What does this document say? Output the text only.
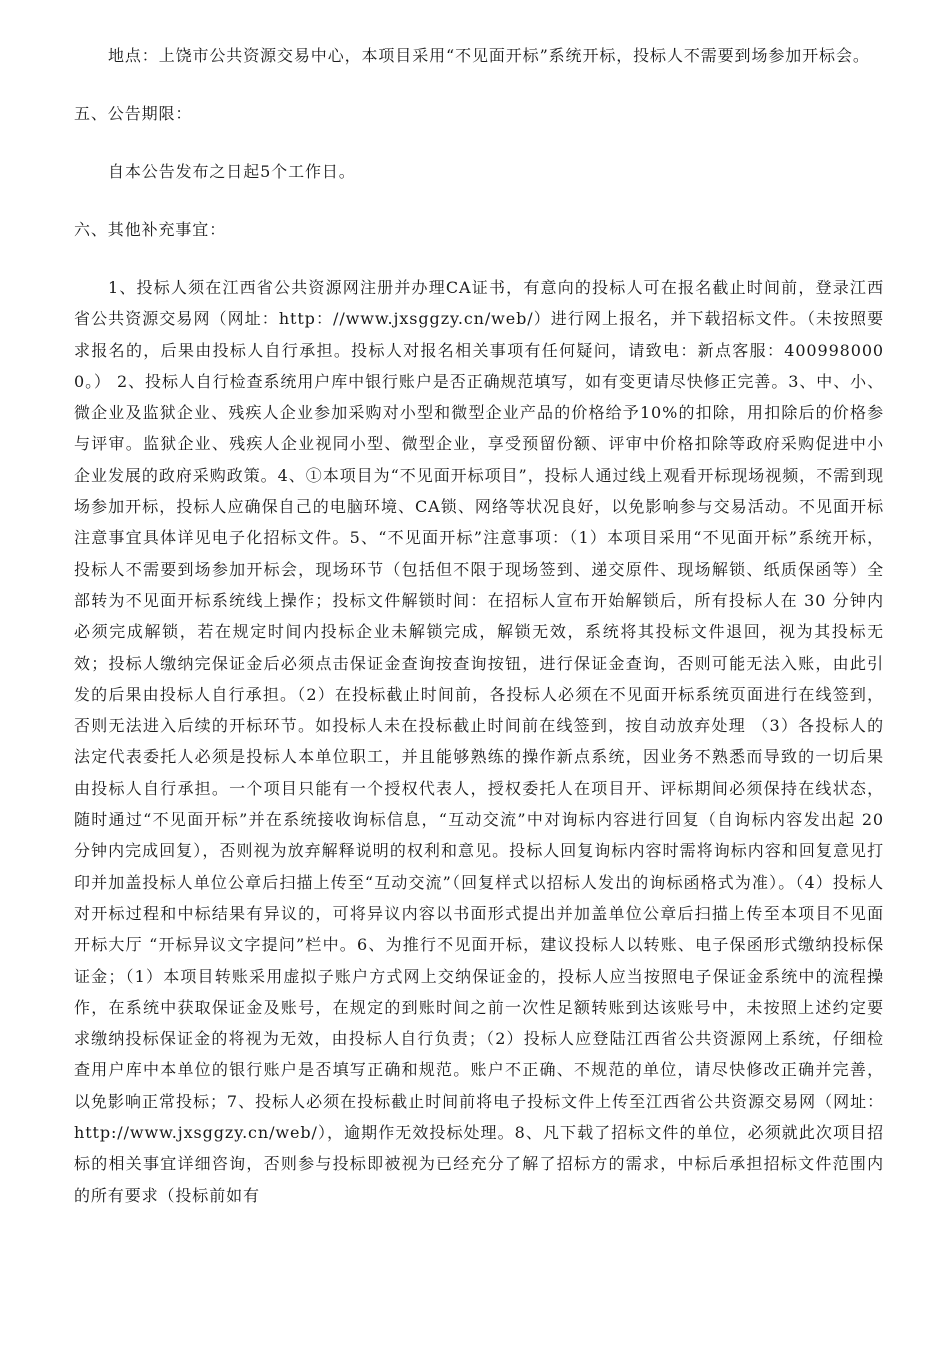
地点：上饶市公共资源交易中心，本项目采用“不见面开标”系统开标，投标人不需要到场参加开标会。

五、公告期限：

自本公告发布之日起5个工作日。

六、其他补充事宜：

1、投标人须在江西省公共资源网注册并办理CA证书，有意向的投标人可在报名截止时间前，登录江西省公共资源交易网（网址：http：//www.jxsggzy.cn/web/）进行网上报名，并下载招标文件。（未按照要求报名的，后果由投标人自行承担。投标人对报名相关事项有任何疑问，请致电：新点客服：4009980000。） 2、投标人自行检查系统用户库中银行账户是否正确规范填写，如有变更请尽快修正完善。3、中、小、微企业及监狱企业、残疾人企业参加采购对小型和微型企业产品的价格给予10%的扣除，用扣除后的价格参与评审。监狱企业、残疾人企业视同小型、微型企业，享受预留份额、评审中价格扣除等政府采购促进中小企业发展的政府采购政策。4、①本项目为“不见面开标项目”，投标人通过线上观看开标现场视频，不需到现场参加开标，投标人应确保自己的电脑环境、CA锁、网络等状况良好，以免影响参与交易活动。不见面开标注意事宜具体详见电子化招标文件。5、“不见面开标”注意事项：（1）本项目采用“不见面开标”系统开标，投标人不需要到场参加开标会，现场环节（包括但不限于现场签到、递交原件、现场解锁、纸质保函等）全部转为不见面开标系统线上操作；投标文件解锁时间：在招标人宣布开始解锁后，所有投标人在 30 分钟内必须完成解锁，若在规定时间内投标企业未解锁完成，解锁无效，系统将其投标文件退回，视为其投标无效；投标人缴纳完保证金后必须点击保证金查询按查询按钮，进行保证金查询，否则可能无法入账，由此引发的后果由投标人自行承担。（2）在投标截止时间前，各投标人必须在不见面开标系统页面进行在线签到，否则无法进入后续的开标环节。如投标人未在投标截止时间前在线签到，按自动放弃处理 （3）各投标人的法定代表委托人必须是投标人本单位职工，并且能够熟练的操作新点系统，因业务不熟悉而导致的一切后果由投标人自行承担。一个项目只能有一个授权代表人，授权委托人在项目开、评标期间必须保持在线状态，随时通过“不见面开标”并在系统接收询标信息，“互动交流”中对询标内容进行回复（自询标内容发出起 20 分钟内完成回复），否则视为放弃解释说明的权利和意见。投标人回复询标内容时需将询标内容和回复意见打印并加盖投标人单位公章后扫描上传至“互动交流”（回复样式以招标人发出的询标函格式为准）。（4）投标人对开标过程和中标结果有异议的，可将异议内容以书面形式提出并加盖单位公章后扫描上传至本项目不见面开标大厅 “开标异议文字提问”栏中。6、为推行不见面开标，建议投标人以转账、电子保函形式缴纳投标保证金；（1）本项目转账采用虚拟子账户方式网上交纳保证金的，投标人应当按照电子保证金系统中的流程操作，在系统中获取保证金及账号，在规定的到账时间之前一次性足额转账到达该账号中，未按照上述约定要求缴纳投标保证金的将视为无效，由投标人自行负责；（2）投标人应登陆江西省公共资源网上系统，仔细检查用户库中本单位的银行账户是否填写正确和规范。账户不正确、不规范的单位，请尽快修改正确并完善，以免影响正常投标；7、投标人必须在投标截止时间前将电子投标文件上传至江西省公共资源交易网（网址：http://www.jxsggzy.cn/web/），逾期作无效投标处理。8、凡下载了招标文件的单位，必须就此次项目招标的相关事宜详细咨询，否则参与投标即被视为已经充分了解了招标方的需求，中标后承担招标文件范围内的所有要求（投标前如有
